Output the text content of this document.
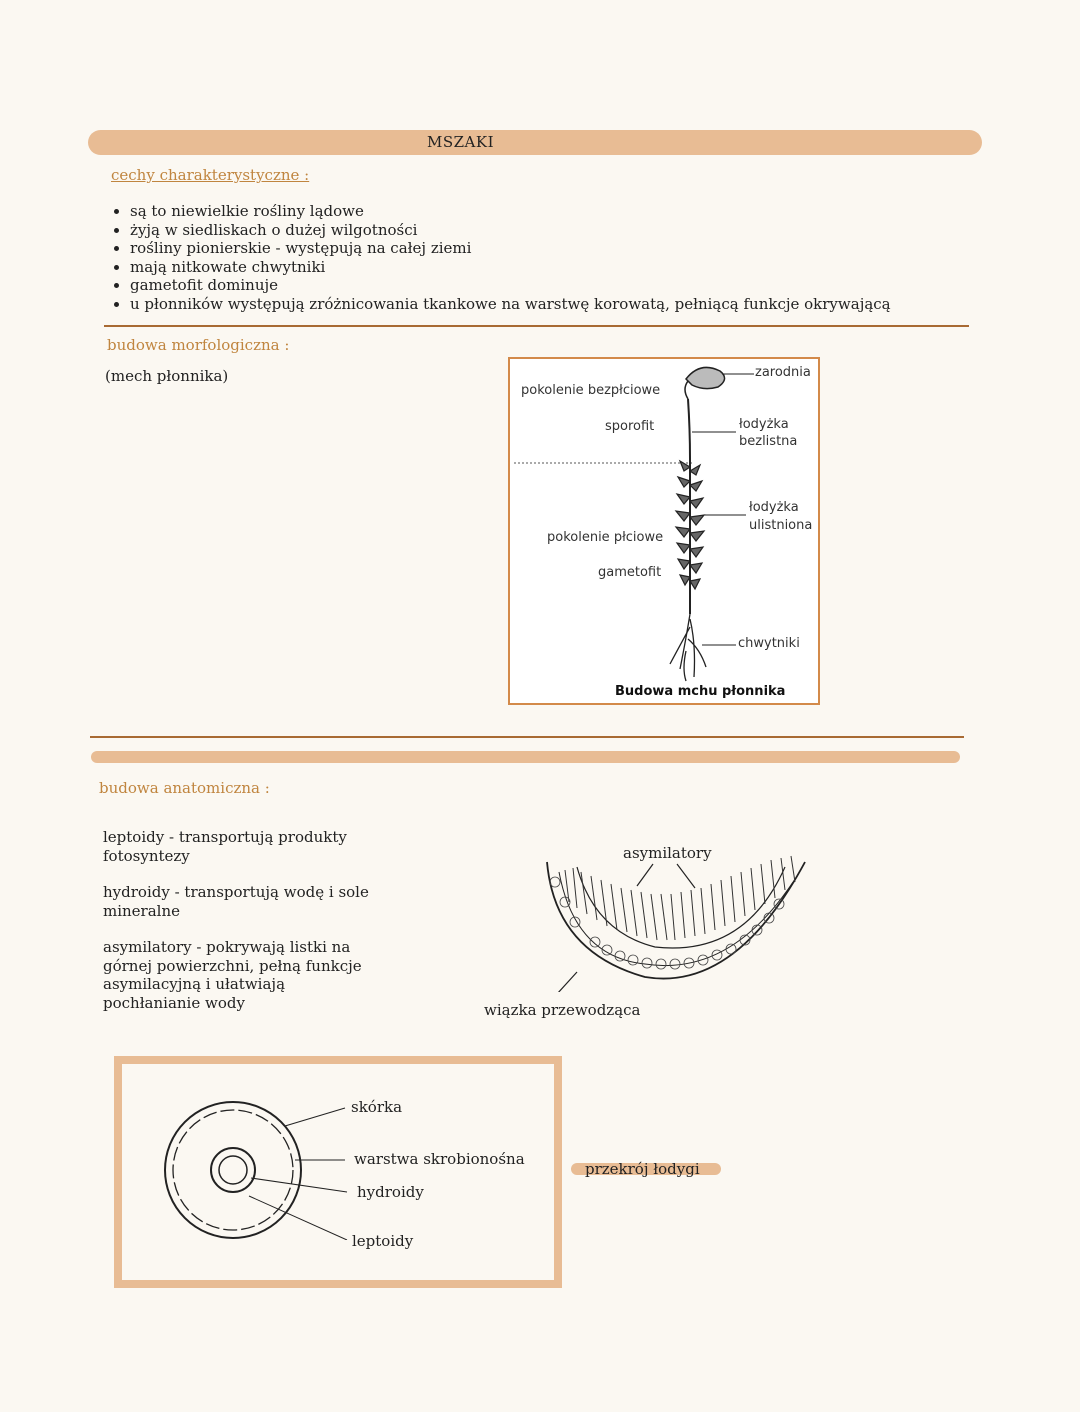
MSZAKI
cechy charakterystyczne :
• są to niewielkie rośliny lądowe
• żyją w siedliskach o dużej wilgotności
• rośliny pionierskie - występują na całej ziemi
• mają nitkowate chwytniki
• gametofit dominuje
• u płonników występują zróżnicowania tkankowe na warstwę korowatą, pełniącą funkcje okrywającą
budowa morfologiczna :
(mech płonnika)
pokolenie bezpłciowe
sporofit
pokolenie płciowe
gametofit
zarodnia
łodyżka
bezlistna
łodyżka
ulistniona
chwytniki
Budowa mchu płonnika
budowa anatomiczna :
leptoidy - transportują produkty
fotosyntezy
hydroidy - transportują wodę i sole
mineralne
asymilatory - pokrywają listki na
górnej powierzchni, pełną funkcje
asymilacyjną i ułatwiają
pochłanianie wody
asymilatory
wiązka przewodząca
skórka
warstwa skrobionośna
hydroidy
leptoidy
przekrój łodygi
